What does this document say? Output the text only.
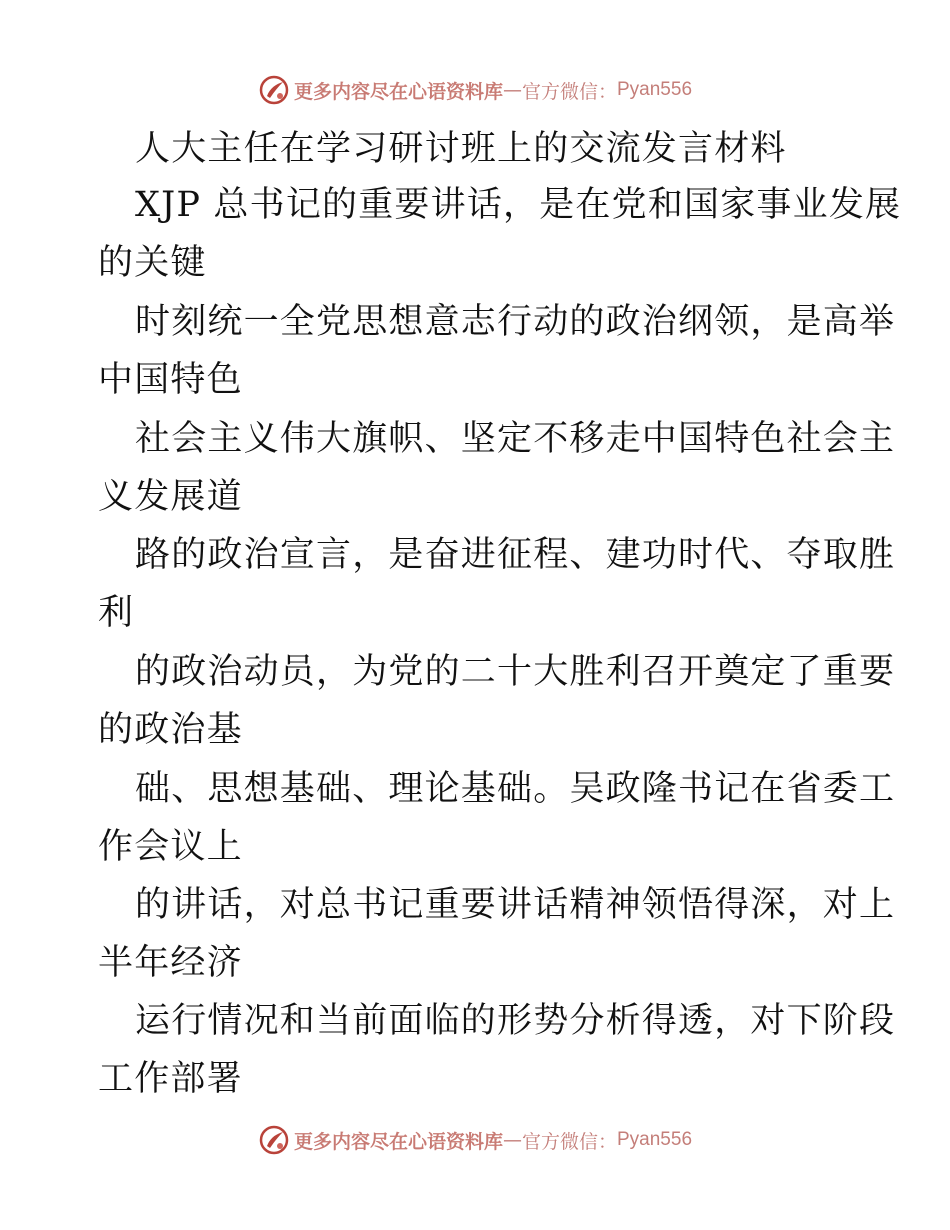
更多内容尽在心语资料库 — 官方微信： Pyan556
人大主任在学习研讨班上的交流发言材料
XJP 总书记的重要讲话，是在党和国家事业发展
的关键
时刻统一全党思想意志行动的政治纲领，是高举
中国特色
社会主义伟大旗帜、坚定不移走中国特色社会主
义发展道
路的政治宣言，是奋进征程、建功时代、夺取胜
利
的政治动员，为党的二十大胜利召开奠定了重要
的政治基
础、思想基础、理论基础。吴政隆书记在省委工
作会议上
的讲话，对总书记重要讲话精神领悟得深，对上
半年经济
运行情况和当前面临的形势分析得透，对下阶段
工作部署
更多内容尽在心语资料库 — 官方微信： Pyan556
